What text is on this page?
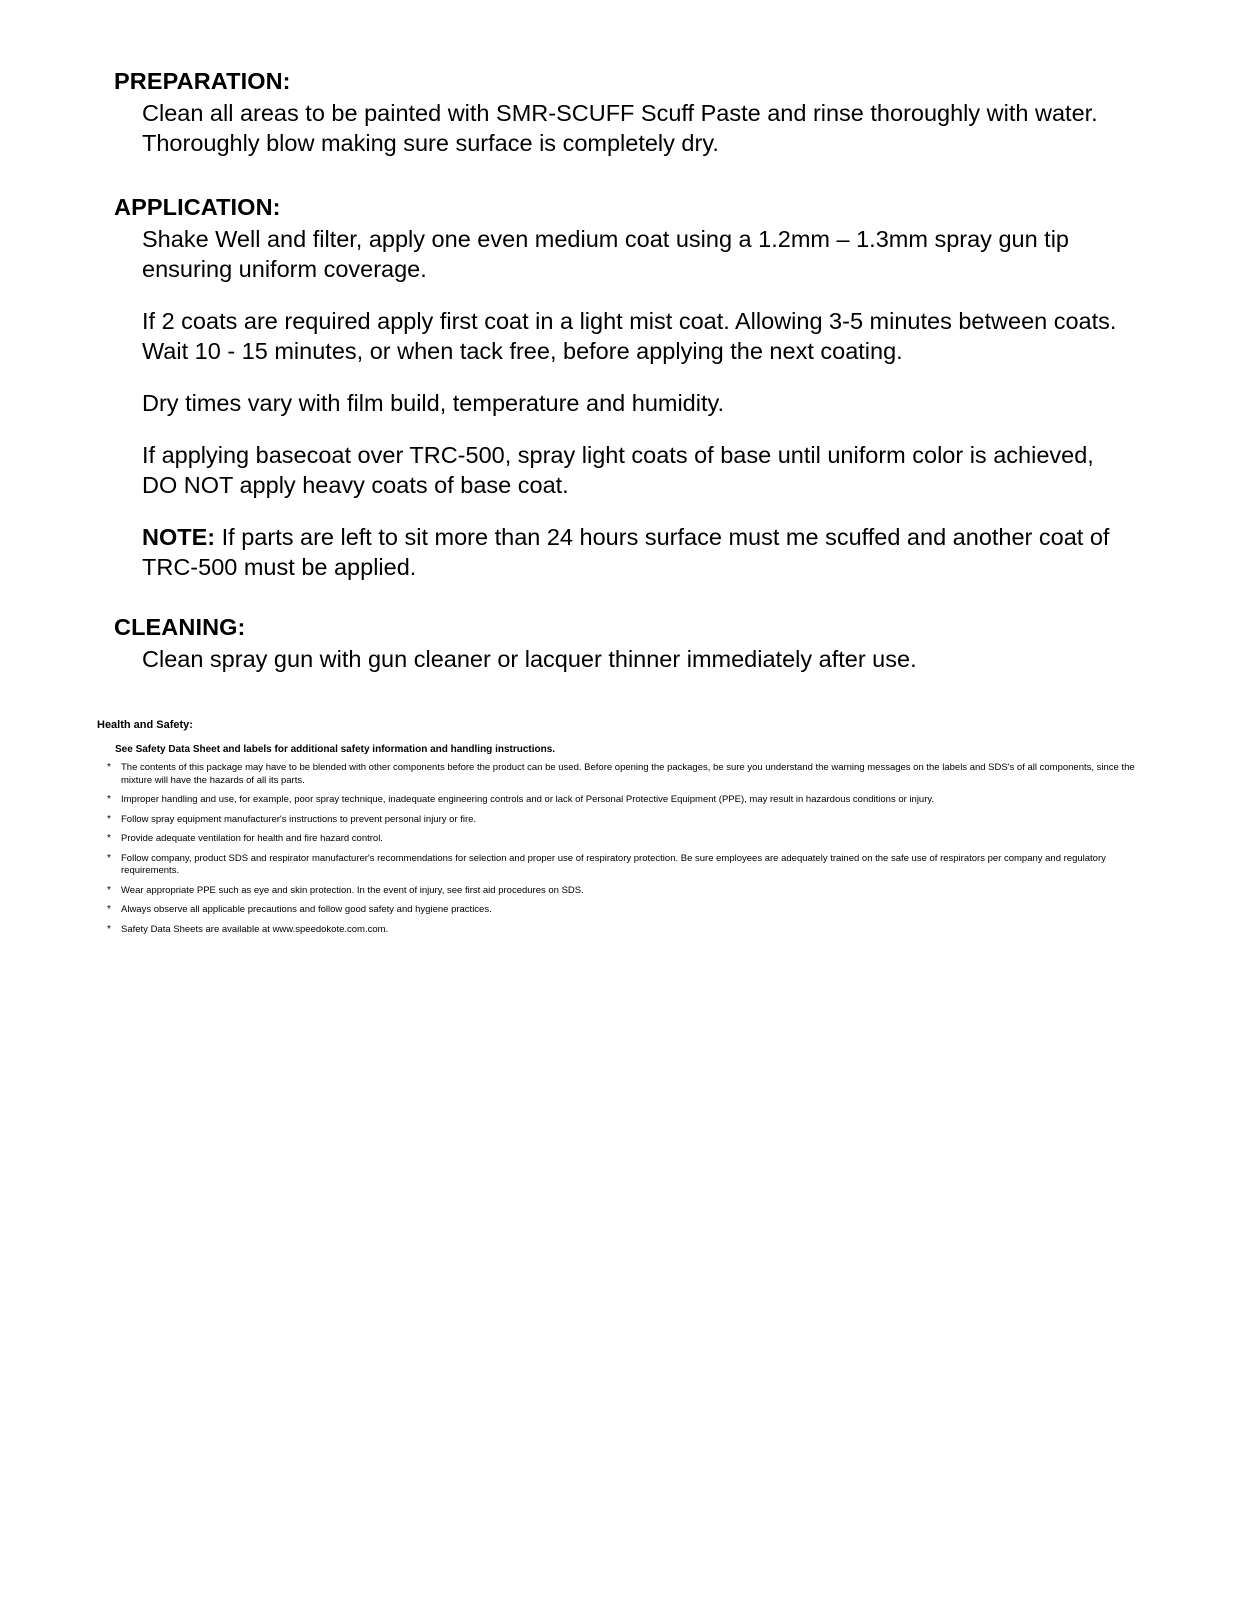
PREPARATION:

Clean all areas to be painted with SMR-SCUFF Scuff Paste and rinse thoroughly with water. Thoroughly blow making sure surface is completely dry.

APPLICATION:

Shake Well and filter, apply one even medium coat using a 1.2mm – 1.3mm spray gun tip ensuring uniform coverage.

If 2 coats are required apply first coat in a light mist coat. Allowing 3-5 minutes between coats. Wait 10 - 15 minutes, or when tack free, before applying the next coating.

Dry times vary with film build, temperature and humidity.

If applying basecoat over TRC-500, spray light coats of base until uniform color is achieved, DO NOT apply heavy coats of base coat.

NOTE: If parts are left to sit more than 24 hours surface must me scuffed and another coat of TRC-500 must be applied.

CLEANING:

Clean spray gun with gun cleaner or lacquer thinner immediately after use.

Health and Safety:
See Safety Data Sheet and labels for additional safety information and handling instructions.
* The contents of this package may have to be blended with other components before the product can be used. Before opening the packages, be sure you understand the warning messages on the labels and SDS's of all components, since the mixture will have the hazards of all its parts.
* Improper handling and use, for example, poor spray technique, inadequate engineering controls and or lack of Personal Protective Equipment (PPE), may result in hazardous conditions or injury.
* Follow spray equipment manufacturer's instructions to prevent personal injury or fire.
* Provide adequate ventilation for health and fire hazard control.
* Follow company, product SDS and respirator manufacturer's recommendations for selection and proper use of respiratory protection. Be sure employees are adequately trained on the safe use of respirators per company and regulatory requirements.
* Wear appropriate PPE such as eye and skin protection. In the event of injury, see first aid procedures on SDS.
* Always observe all applicable precautions and follow good safety and hygiene practices.
* Safety Data Sheets are available at www.speedokote.com.com.
